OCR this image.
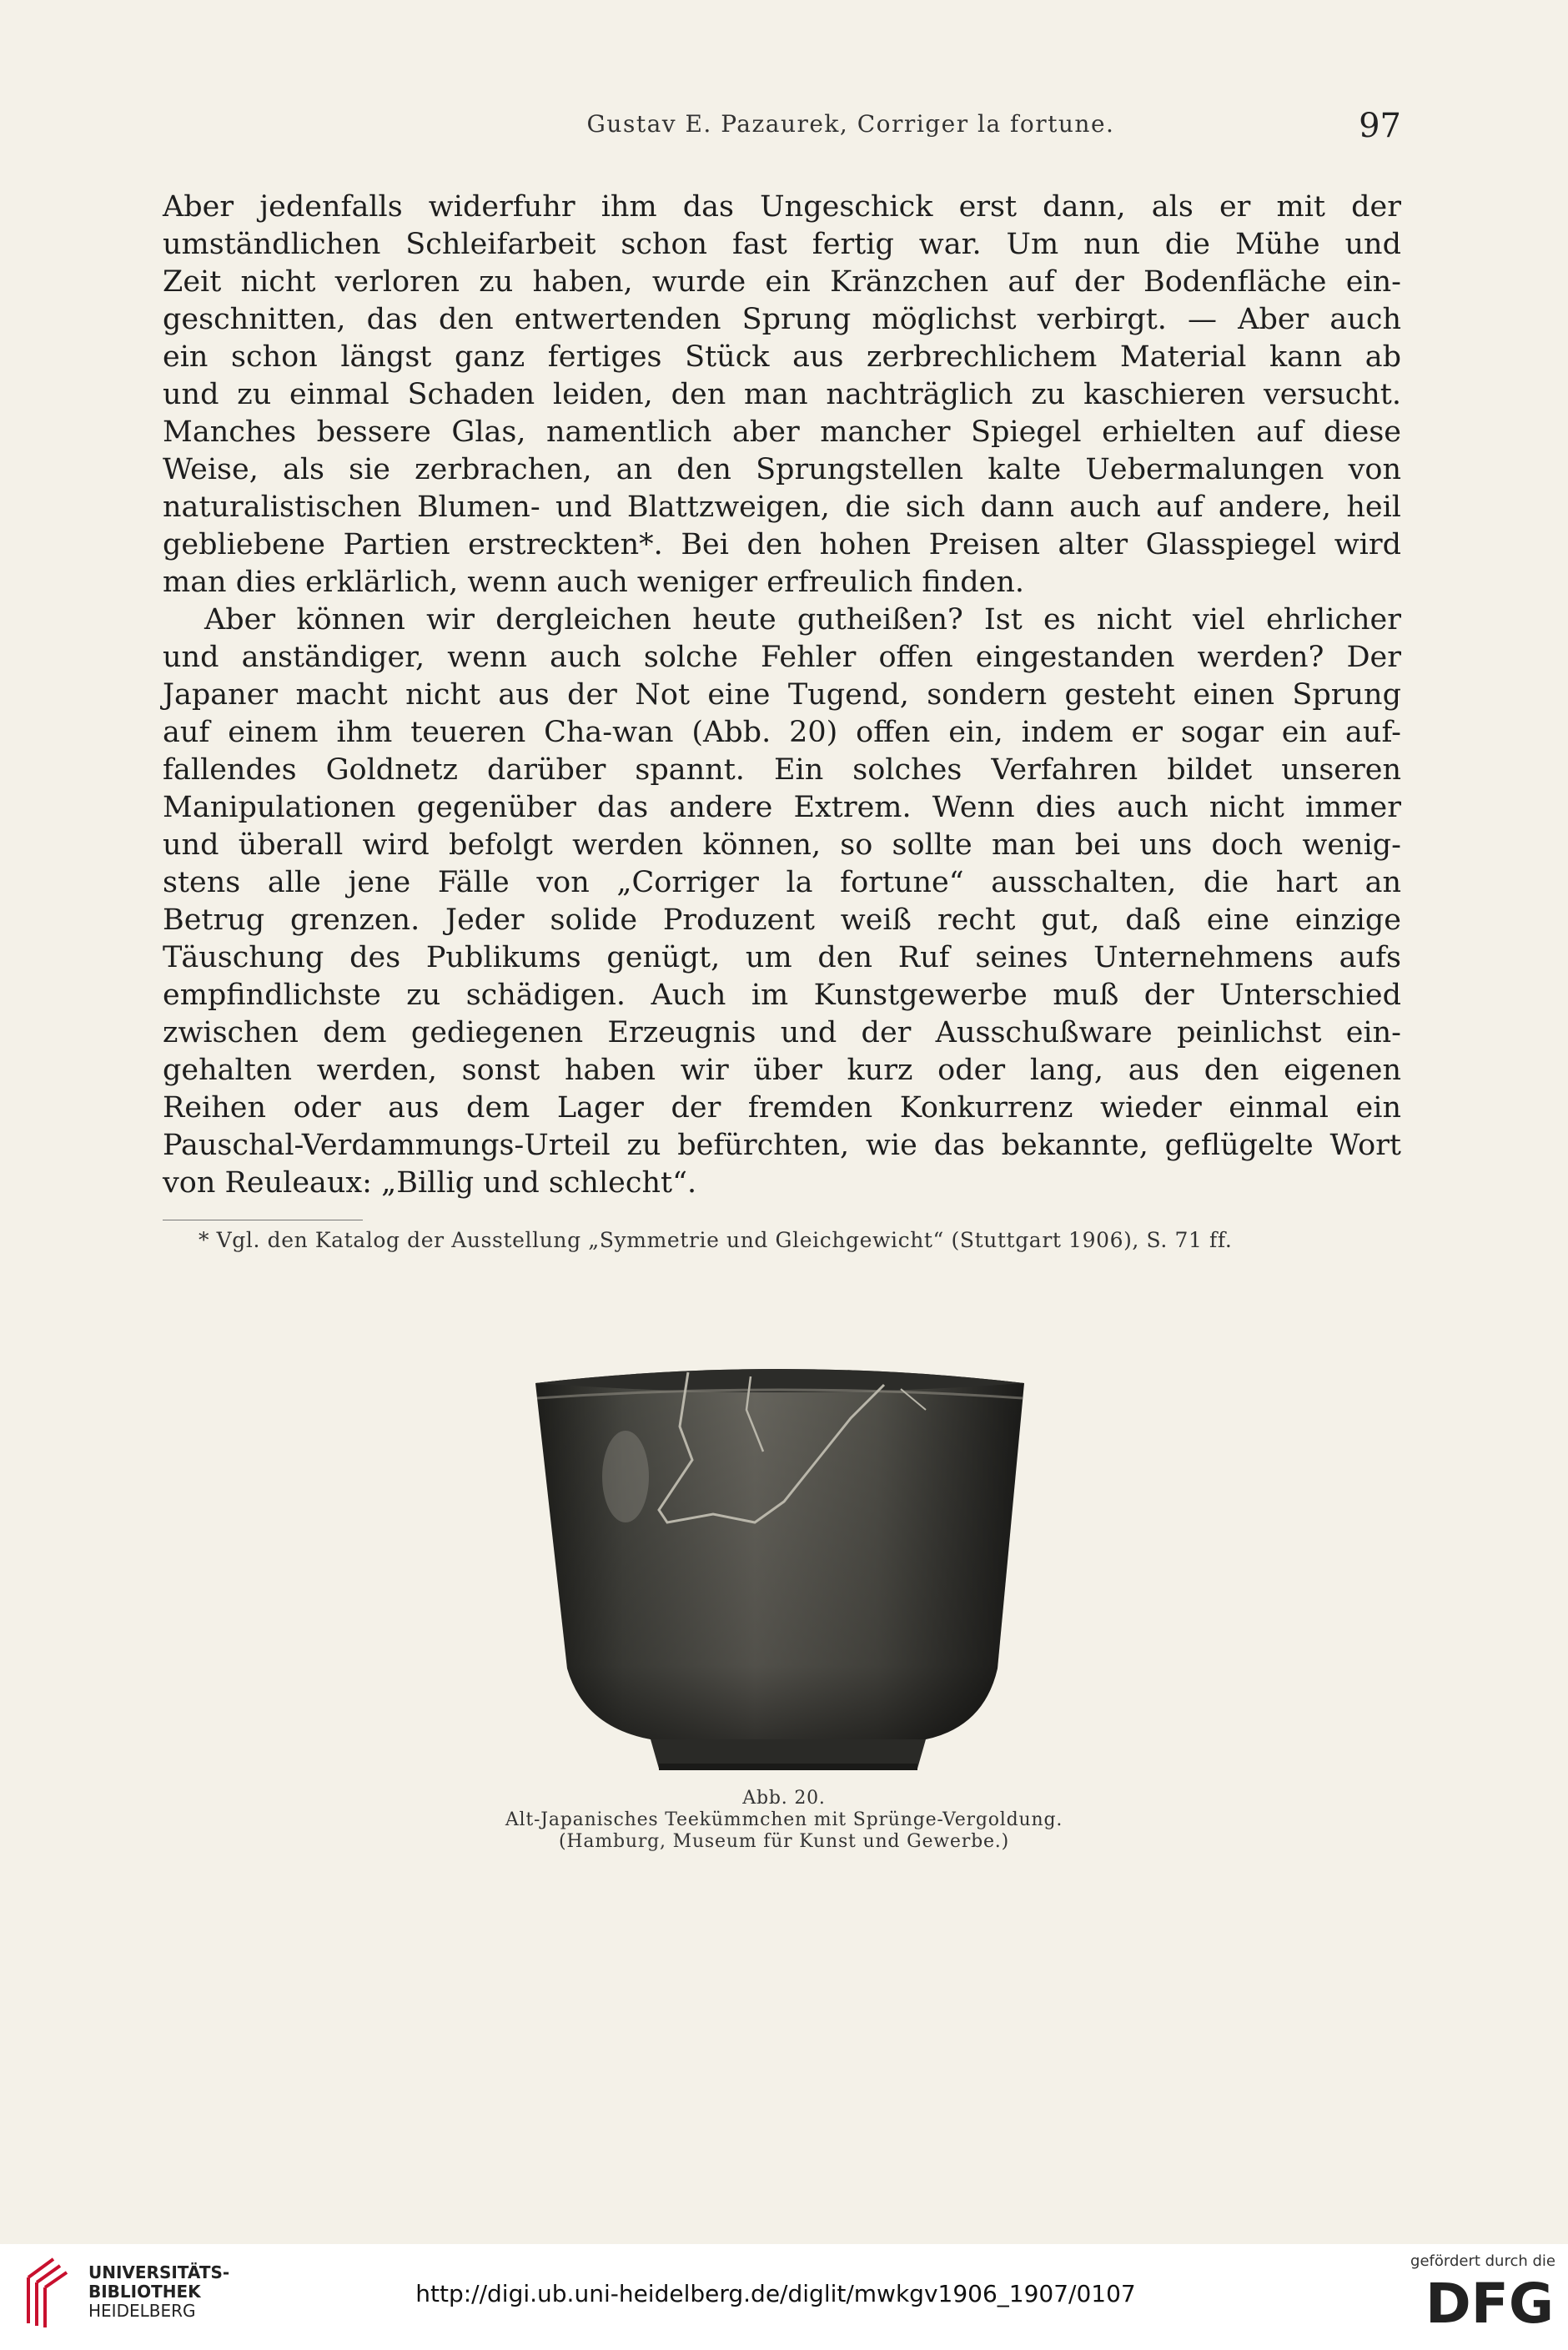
Gustav E. Pazaurek, Corriger la fortune.	97
Aber jedenfalls widerfuhr ihm das Ungeschick erst dann, als er mit der
umständlichen Schleifarbeit schon fast fertig war. Um nun die Mühe und
Zeit nicht verloren zu haben, wurde ein Kränzchen auf der Bodenfläche ein-
geschnitten, das den entwertenden Sprung möglichst verbirgt. — Aber auch
ein schon längst ganz fertiges Stück aus zerbrechlichem Material kann ab
und zu einmal Schaden leiden, den man nachträglich zu kaschieren versucht.
Manches bessere Glas, namentlich aber mancher Spiegel erhielten auf diese
Weise, als sie zerbrachen, an den Sprungstellen kalte Uebermalungen von
naturalistischen Blumen- und Blattzweigen, die sich dann auch auf andere, heil
gebliebene Partien erstreckten*. Bei den hohen Preisen alter Glasspiegel wird
man dies erklärlich, wenn auch weniger erfreulich finden.
Aber können wir dergleichen heute gutheißen? Ist es nicht viel ehrlicher
und anständiger, wenn auch solche Fehler offen eingestanden werden? Der
Japaner macht nicht aus der Not eine Tugend, sondern gesteht einen Sprung
auf einem ihm teueren Cha-wan (Abb. 20) offen ein, indem er sogar ein auf-
fallendes Goldnetz darüber spannt. Ein solches Verfahren bildet unseren
Manipulationen gegenüber das andere Extrem. Wenn dies auch nicht immer
und überall wird befolgt werden können, so sollte man bei uns doch wenig-
stens alle jene Fälle von „Corriger la fortune“ ausschalten, die hart an
Betrug grenzen. Jeder solide Produzent weiß recht gut, daß eine einzige
Täuschung des Publikums genügt, um den Ruf seines Unternehmens aufs
empfindlichste zu schädigen. Auch im Kunstgewerbe muß der Unterschied
zwischen dem gediegenen Erzeugnis und der Ausschußware peinlichst ein-
gehalten werden, sonst haben wir über kurz oder lang, aus den eigenen
Reihen oder aus dem Lager der fremden Konkurrenz wieder einmal ein
Pauschal-Verdammungs-Urteil zu befürchten, wie das bekannte, geflügelte Wort
von Reuleaux: „Billig und schlecht“.
* Vgl. den Katalog der Ausstellung „Symmetrie und Gleichgewicht“ (Stuttgart 1906), S. 71 ff.
Abb. 20.
Alt-Japanisches Teekümmchen mit Sprünge-Vergoldung.
(Hamburg, Museum für Kunst und Gewerbe.)
UNIVERSITÄTS-
BIBLIOTHEK
HEIDELBERG
http://digi.ub.uni-heidelberg.de/diglit/mwkgv1906_1907/0107
gefördert durch die
DFG
